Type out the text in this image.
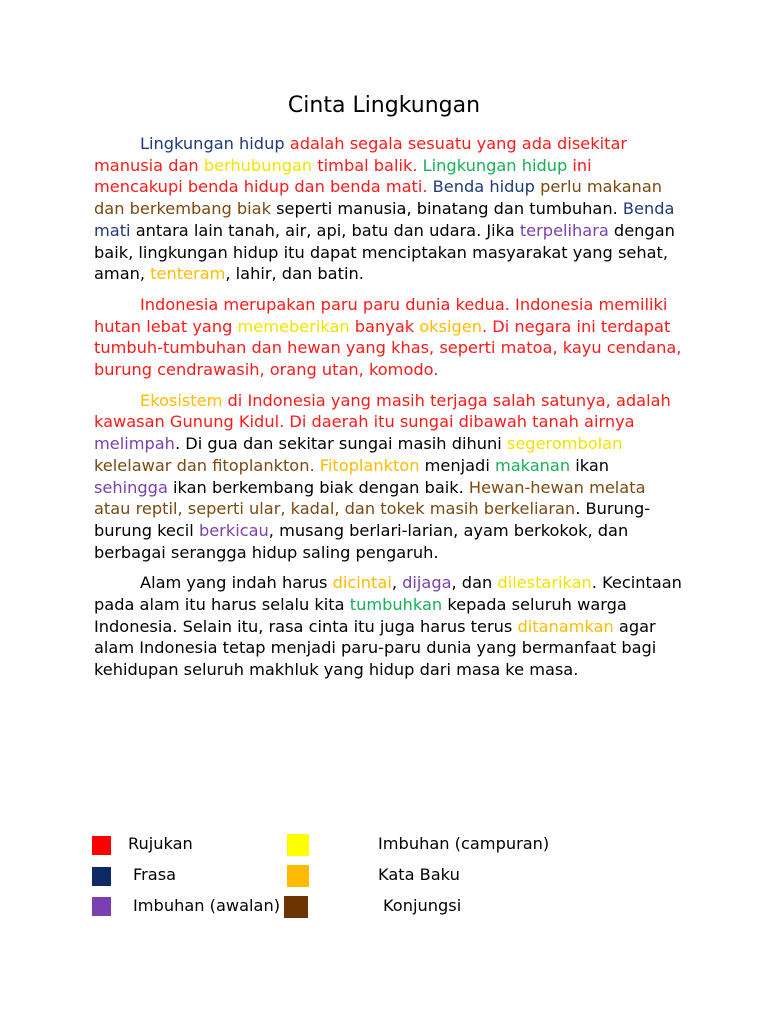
Cinta Lingkungan

Lingkungan hidup adalah segala sesuatu yang ada disekitar manusia dan berhubungan timbal balik. Lingkungan hidup ini mencakupi benda hidup dan benda mati. Benda hidup perlu makanan dan berkembang biak seperti manusia, binatang dan tumbuhan. Benda mati antara lain tanah, air, api, batu dan udara. Jika terpelihara dengan baik, lingkungan hidup itu dapat menciptakan masyarakat yang sehat, aman, tenteram, lahir, dan batin.

Indonesia merupakan paru paru dunia kedua. Indonesia memiliki hutan lebat yang memeberikan banyak oksigen. Di negara ini terdapat tumbuh-tumbuhan dan hewan yang khas, seperti matoa, kayu cendana, burung cendrawasih, orang utan, komodo.

Ekosistem di Indonesia yang masih terjaga salah satunya, adalah kawasan Gunung Kidul. Di daerah itu sungai dibawah tanah airnya melimpah. Di gua dan sekitar sungai masih dihuni segerombolan kelelawar dan fitoplankton. Fitoplankton menjadi makanan ikan sehingga ikan berkembang biak dengan baik. Hewan-hewan melata atau reptil, seperti ular, kadal, dan tokek masih berkeliaran. Burung-burung kecil berkicau, musang berlari-larian, ayam berkokok, dan berbagai serangga hidup saling pengaruh.

Alam yang indah harus dicintai, dijaga, dan dilestarikan. Kecintaan pada alam itu harus selalu kita tumbuhkan kepada seluruh warga Indonesia. Selain itu, rasa cinta itu juga harus terus ditanamkan agar alam Indonesia tetap menjadi paru-paru dunia yang bermanfaat bagi kehidupan seluruh makhluk yang hidup dari masa ke masa.

Rujukan	Imbuhan (campuran)
Frasa	Kata Baku
Imbuhan (awalan)	Konjungsi
